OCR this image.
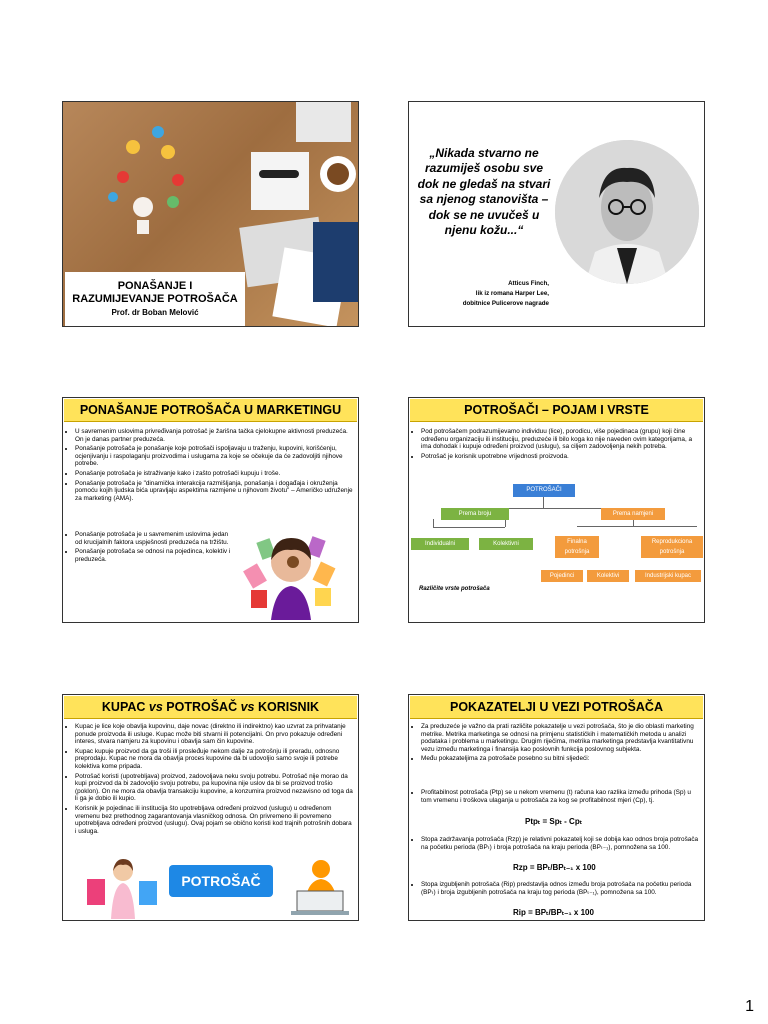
PONAŠANJE I
RAZUMIJEVANJE POTROŠAČA
Prof. dr Boban Melović
„Nikada stvarno ne razumiješ osobu sve dok ne gledaš na stvari sa njenog stanovišta – dok se ne uvučeš u njenu kožu...“
Atticus Finch,
lik iz romana Harper Lee,
dobitnice Pulicerove nagrade
PONAŠANJE POTROŠAČA U MARKETINGU
• U savremenim uslovima privređivanja potrošač je žarišna tačka cjelokupne aktivnosti preduzeća. On je danas partner preduzeća.
• Ponašanje potrošača je ponašanje koje potrošači ispoljavaju u traženju, kupovini, korišćenju, ocjenjivanju i raspolaganju proizvodima i uslugama za koje se očekuje da će zadovoljiti njihove potrebe.
• Ponašanje potrošača je istraživanje kako i zašto potrošači kupuju i troše.
• Ponašanje potrošača je "dinamička interakcija razmišljanja, ponašanja i događaja i okruženja pomoću kojih ljudska bića upravljaju aspektima razmjene u njihovom životu" – Američko udruženje za marketing (AMA).
• Ponašanje potrošača je u savremenim uslovima jedan od krucijalnih faktora uspješnosti preduzeća na tržištu.
• Ponašanje potrošača se odnosi na pojedinca, kolektiv i preduzeća.
POTROŠAČI – POJAM I VRSTE
• Pod potrošačem podrazumijevamo individuu (lice), porodicu, više pojedinaca (grupu) koji čine određenu organizaciju ili instituciju, preduzeće ili bilo koga ko nije naveden ovim kategorijama, a ima dohodak i kupuje određeni proizvod (uslugu), sa ciljem zadovoljenja nekih potreba.
• Potrošač je korisnik upotrebne vrijednosti proizvoda.
POTROŠAČI
Prema broju	Prema namjeni
Individualni	Kolektivni	Finalna potrošnja
Reprodukciona potrošnja
Pojedinci	Kolektivi	Industrijski kupac
Različite vrste potrošača
KUPAC vs POTROŠAČ vs KORISNIK
• Kupac je lice koje obavlja kupovinu, daje novac (direktno ili indirektno) kao uzvrat za prihvatanje ponude proizvoda ili usluge. Kupac može biti stvarni ili potencijalni. On prvo pokazuje određeni interes, stvara namjeru za kupovinu i obavlja sam čin kupovine.
• Kupac kupuje proizvod da ga troši ili prosleđuje nekom dalje za potrošnju ili preradu, odnosno preprodaju. Kupac ne mora da obavlja proces kupovine da bi udovoljio samo svoje ili potrebe kolektiva kome pripada.
• Potrošač koristi (upotrebljava) proizvod, zadovoljava neku svoju potrebu. Potrošač nije morao da kupi proizvod da bi zadovoljio svoju potrebu, pa kupovina nije uslov da bi se proizvod trošio (poklon). On ne mora da obavlja transakciju kupovine, a konzumira proizvod nezavisno od toga da li ga je dobio ili kupio.
• Korisnik je pojedinac ili institucija što upotrebljava određeni proizvod (uslugu) u određenom vremenu bez prethodnog zagarantovanja vlasničkog odnosa. On privremeno ili povremeno upotrebljava određeni proizvod (uslugu). Ovaj pojam se obično koristi kod trajnih potrošnih dobara i usluga.
POTROŠAČ
POKAZATELJI U VEZI POTROŠAČA
• Za preduzeće je važno da prati različite pokazatelje u vezi potrošača, što je dio oblasti marketing metrike. Metrika marketinga se odnosi na primjenu statističkih i matematičkih metoda u analizi podataka i problema u marketingu. Drugim riječima, metrika marketinga predstavlja kvantitativnu vezu između marketinga i finansija kao poslovnih funkcija poslovnog subjekta.
• Među pokazateljima za potrošače posebno su bitni sljedeći:
• Profitabilnost potrošača (Ptp) se u nekom vremenu (t) računa kao razlika između prihoda (Sp) u tom vremenu i troškova ulaganja u potrošača za kog se profitabilnost mjeri (Cp), tj.
Ptpₜ = Spₜ - Cpₜ
• Stopa zadržavanja potrošača (Rzp) je relativni pokazatelj koji se dobija kao odnos broja potrošača na početku perioda (BPₜ) i broja potrošača na kraju perioda (BPₜ₋₁), pomnožena sa 100.
Rzp = BPₜ/BPₜ₋₁ x 100
• Stopa izgubljenih potrošača (Rip) predstavlja odnos između broja potrošača na početku perioda (BPₜ) i broja izgubljenih potrošača na kraju tog perioda (BPₜ₋₁), pomnožena sa 100.
Rip = BPₜ/BPₜ₋₁ x 100
1
